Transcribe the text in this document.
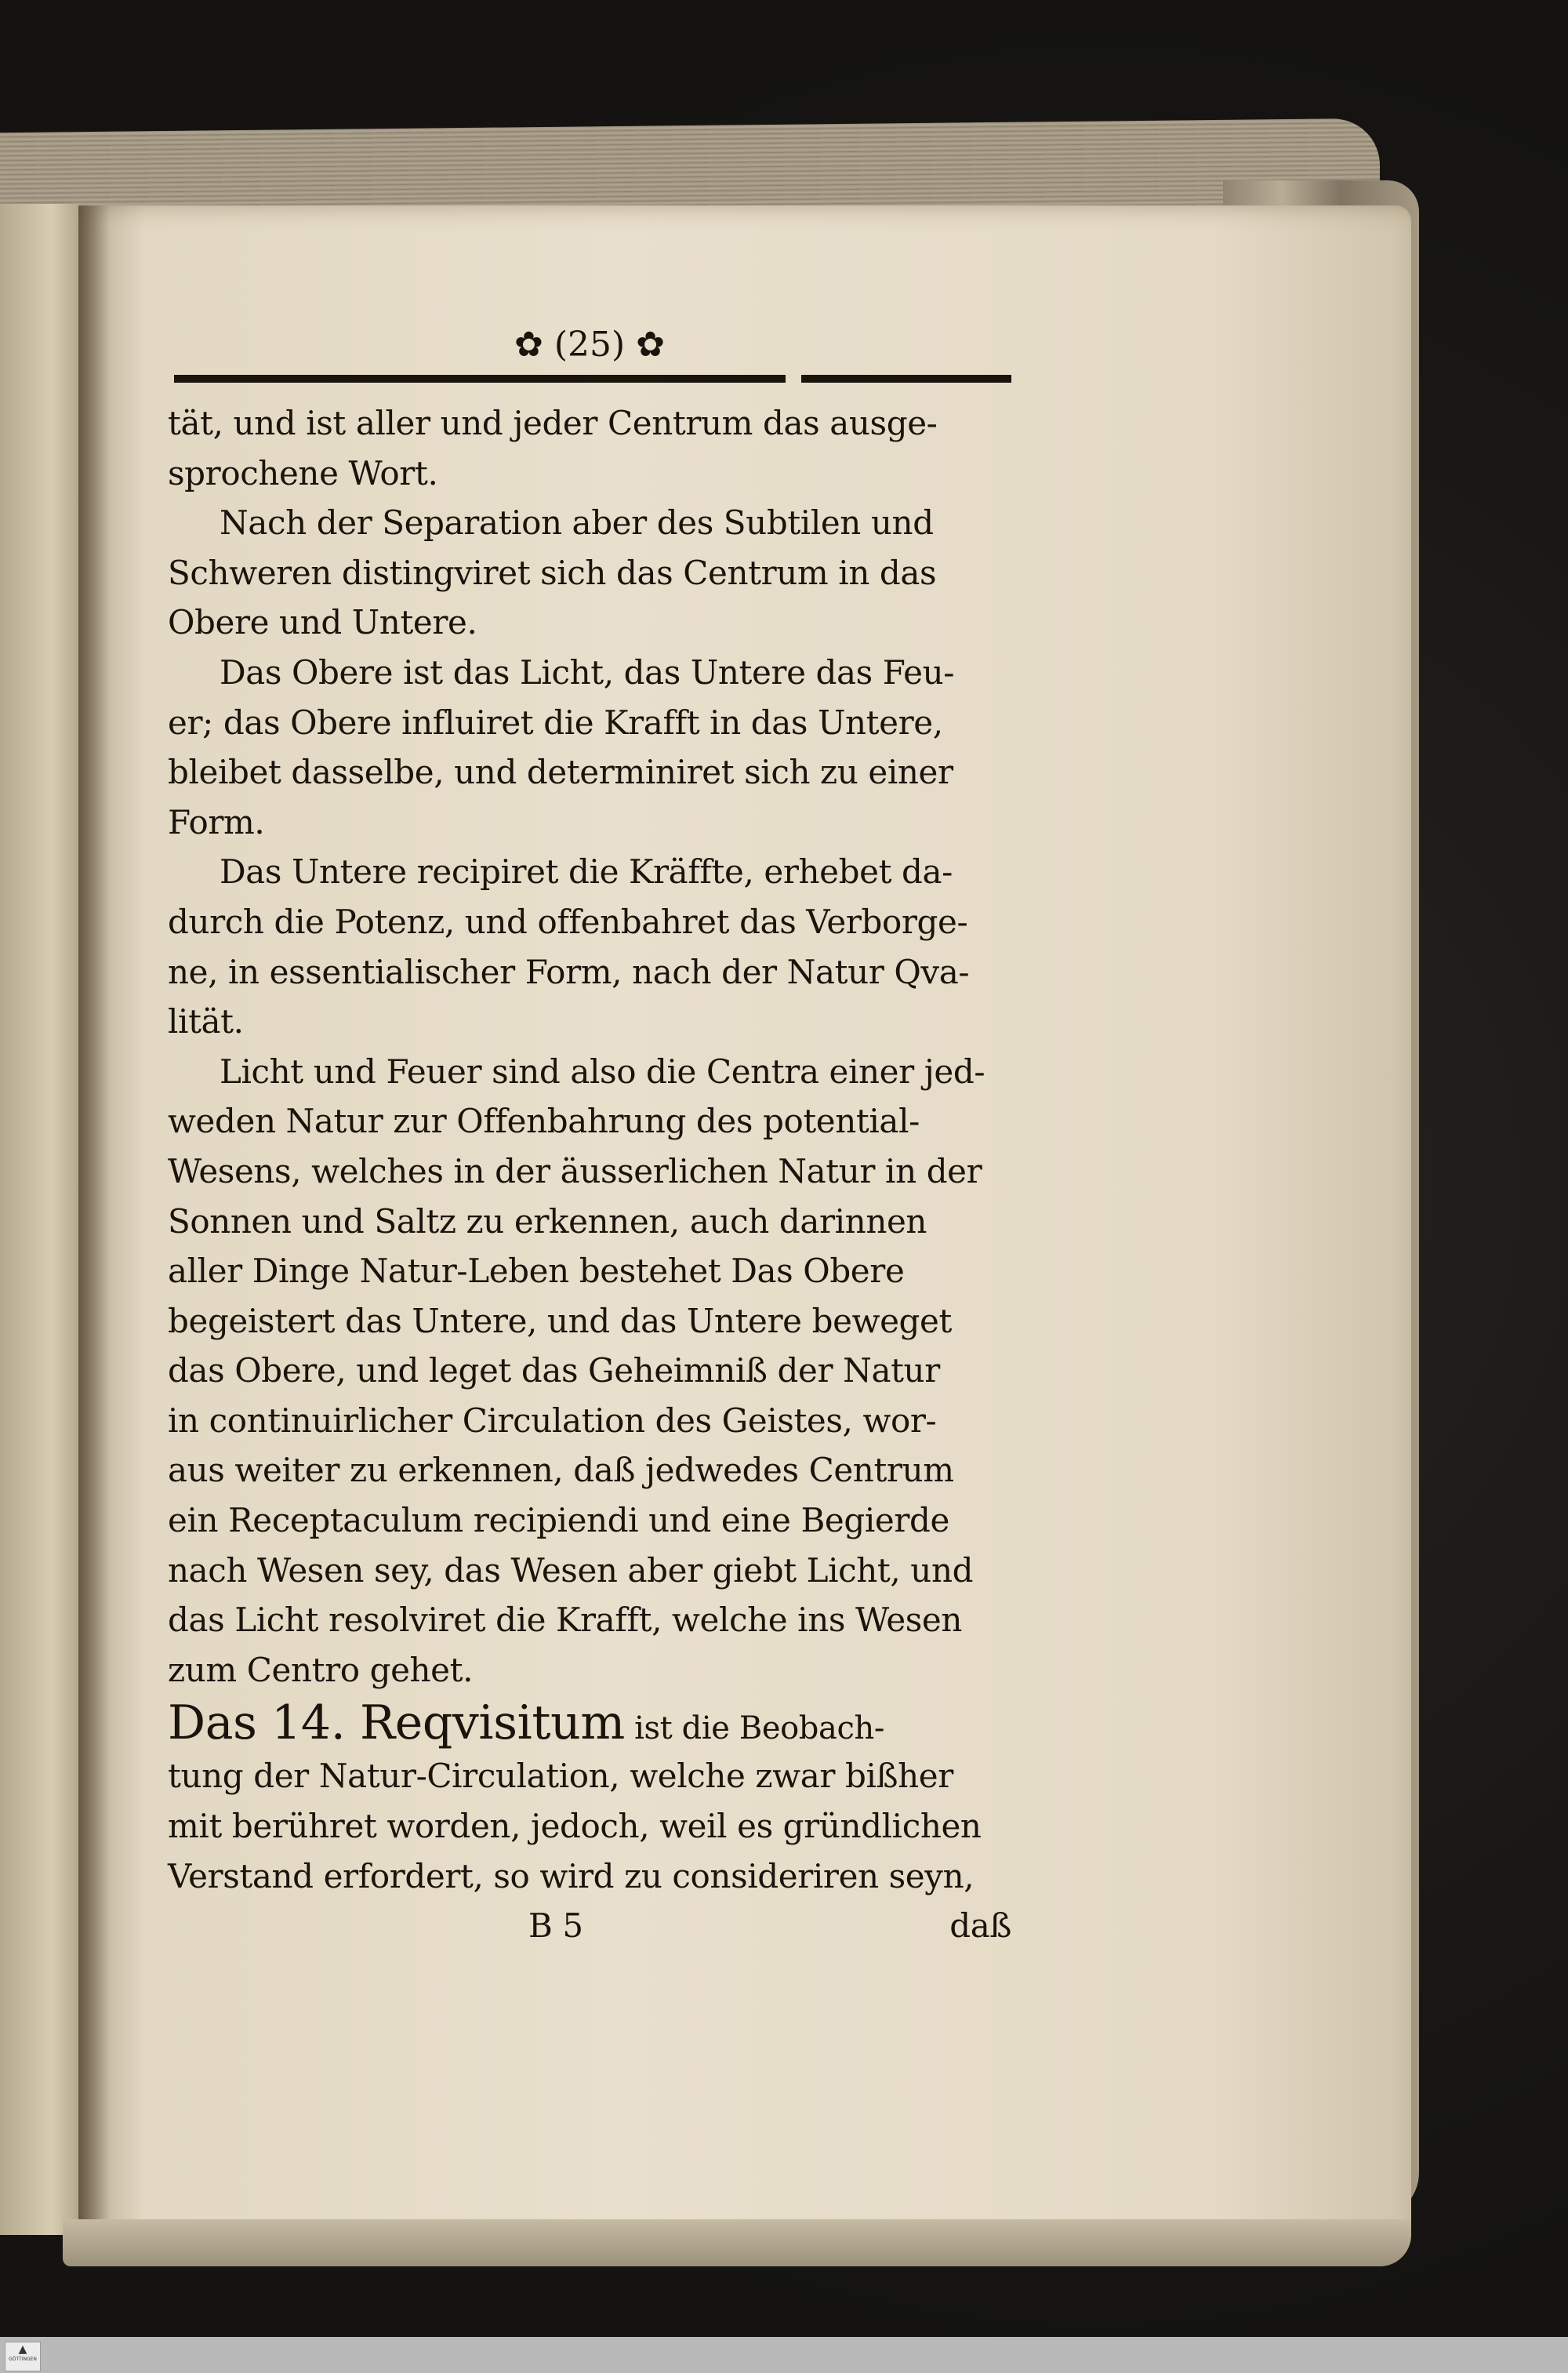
✿ (25) ✿
tät, und ist aller und jeder Centrum das ausge-
sprochene Wort.
Nach der Separation aber des Subtilen und
Schweren distingviret sich das Centrum in das
Obere und Untere.
Das Obere ist das Licht, das Untere das Feu-
er; das Obere influiret die Krafft in das Untere,
bleibet dasselbe, und determiniret sich zu einer
Form.
Das Untere recipiret die Kräffte, erhebet da-
durch die Potenz, und offenbahret das Verborge-
ne, in essentialischer Form, nach der Natur Qva-
lität.
Licht und Feuer sind also die Centra einer jed-
weden Natur zur Offenbahrung des potential-
Wesens, welches in der äusserlichen Natur in der
Sonnen und Saltz zu erkennen, auch darinnen
aller Dinge Natur-Leben bestehet Das Obere
begeistert das Untere, und das Untere beweget
das Obere, und leget das Geheimniß der Natur
in continuirlicher Circulation des Geistes, wor-
aus weiter zu erkennen, daß jedwedes Centrum
ein Receptaculum recipiendi und eine Begierde
nach Wesen sey, das Wesen aber giebt Licht, und
das Licht resolviret die Krafft, welche ins Wesen
zum Centro gehet.
Das 14. Reqvisitum ist die Beobach-
tung der Natur-Circulation, welche zwar bißher
mit berühret worden, jedoch, weil es gründlichen
Verstand erfordert, so wird zu consideriren seyn,
B 5	daß
▲
GÖTTINGEN
